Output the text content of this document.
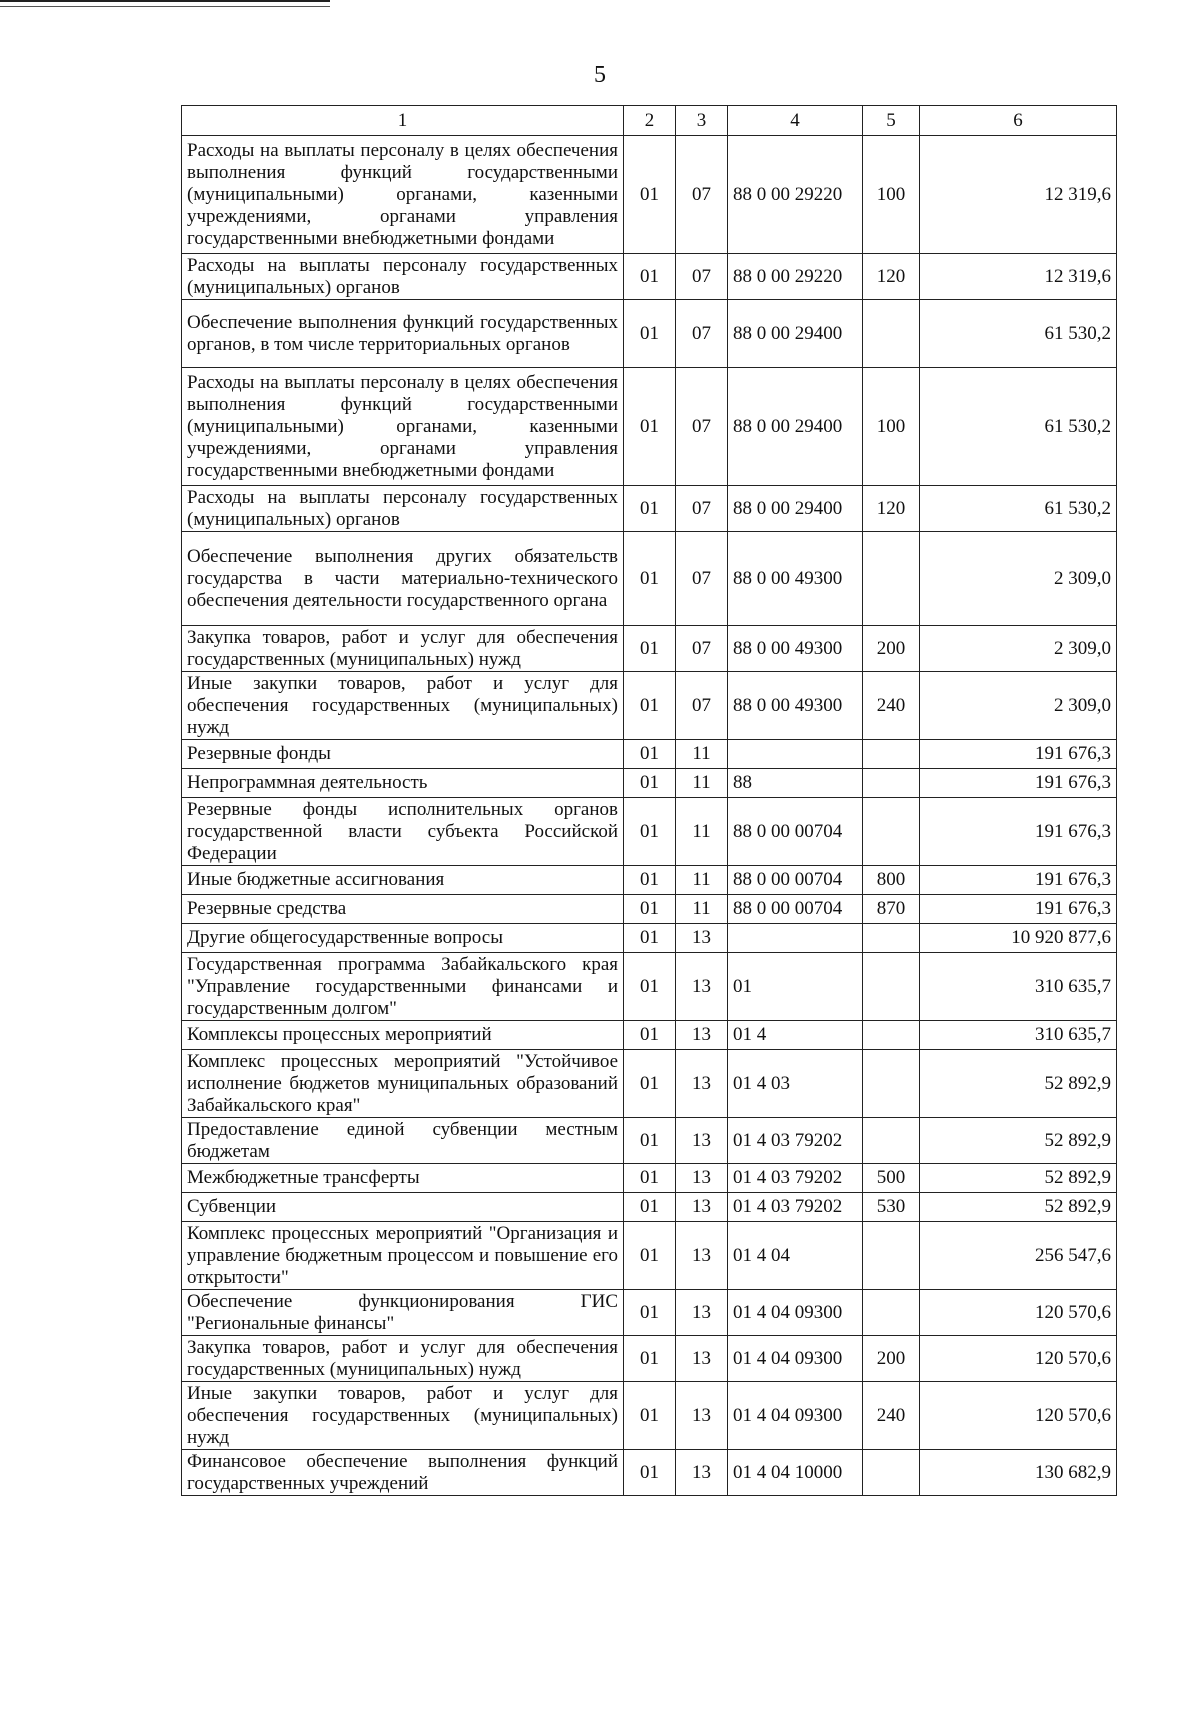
5
1	2	3	4	5	6
Расходы на выплаты персоналу в целях обеспечения выполнения функций государственными (муниципальными) органами, казенными учреждениями, органами управления государственными внебюджетными фондами	01	07	88 0 00 29220	100	12 319,6
Расходы на выплаты персоналу государственных (муниципальных) органов	01	07	88 0 00 29220	120	12 319,6
Обеспечение выполнения функций государственных органов, в том числе территориальных органов	01	07	88 0 00 29400		61 530,2
Расходы на выплаты персоналу в целях обеспечения выполнения функций государственными (муниципальными) органами, казенными учреждениями, органами управления государственными внебюджетными фондами	01	07	88 0 00 29400	100	61 530,2
Расходы на выплаты персоналу государственных (муниципальных) органов	01	07	88 0 00 29400	120	61 530,2
Обеспечение выполнения других обязательств государства в части материально-технического обеспечения деятельности государственного органа	01	07	88 0 00 49300		2 309,0
Закупка товаров, работ и услуг для обеспечения государственных (муниципальных) нужд	01	07	88 0 00 49300	200	2 309,0
Иные закупки товаров, работ и услуг для обеспечения государственных (муниципальных) нужд	01	07	88 0 00 49300	240	2 309,0
Резервные фонды	01	11			191 676,3
Непрограммная деятельность	01	11	88		191 676,3
Резервные фонды исполнительных органов государственной власти субъекта Российской Федерации	01	11	88 0 00 00704		191 676,3
Иные бюджетные ассигнования	01	11	88 0 00 00704	800	191 676,3
Резервные средства	01	11	88 0 00 00704	870	191 676,3
Другие общегосударственные вопросы	01	13			10 920 877,6
Государственная программа Забайкальского края "Управление государственными финансами и государственным долгом"	01	13	01		310 635,7
Комплексы процессных мероприятий	01	13	01 4		310 635,7
Комплекс процессных мероприятий "Устойчивое исполнение бюджетов муниципальных образований Забайкальского края"	01	13	01 4 03		52 892,9
Предоставление единой субвенции местным бюджетам	01	13	01 4 03 79202		52 892,9
Межбюджетные трансферты	01	13	01 4 03 79202	500	52 892,9
Субвенции	01	13	01 4 03 79202	530	52 892,9
Комплекс процессных мероприятий "Организация и управление бюджетным процессом и повышение его открытости"	01	13	01 4 04		256 547,6
Обеспечение функционирования ГИС "Региональные финансы"	01	13	01 4 04 09300		120 570,6
Закупка товаров, работ и услуг для обеспечения государственных (муниципальных) нужд	01	13	01 4 04 09300	200	120 570,6
Иные закупки товаров, работ и услуг для обеспечения государственных (муниципальных) нужд	01	13	01 4 04 09300	240	120 570,6
Финансовое обеспечение выполнения функций государственных учреждений	01	13	01 4 04 10000		130 682,9
